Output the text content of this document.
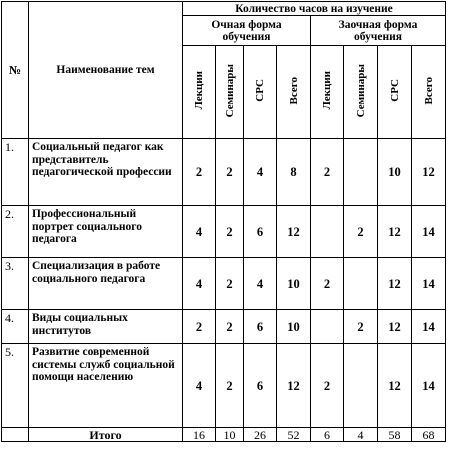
№	Наименование тем	Количество часов на изучение							
		Очная форма обучения				Заочная форма обучения			
		Лекции	Семинары	СРС	Всего	Лекции	Семинары	СРС	Всего
1.	Социальный педагог как представитель педагогической профессии	2	2	4	8	2		10	12
2.	Профессиональный портрет социального педагога	4	2	6	12		2	12	14
3.	Специализация в работе социального педагога	4	2	4	10	2		12	14
4.	Виды социальных институтов	2	2	6	10		2	12	14
5.	Развитие современной системы служб социальной помощи населению	4	2	6	12	2		12	14
	Итого	16	10	26	52	6	4	58	68
